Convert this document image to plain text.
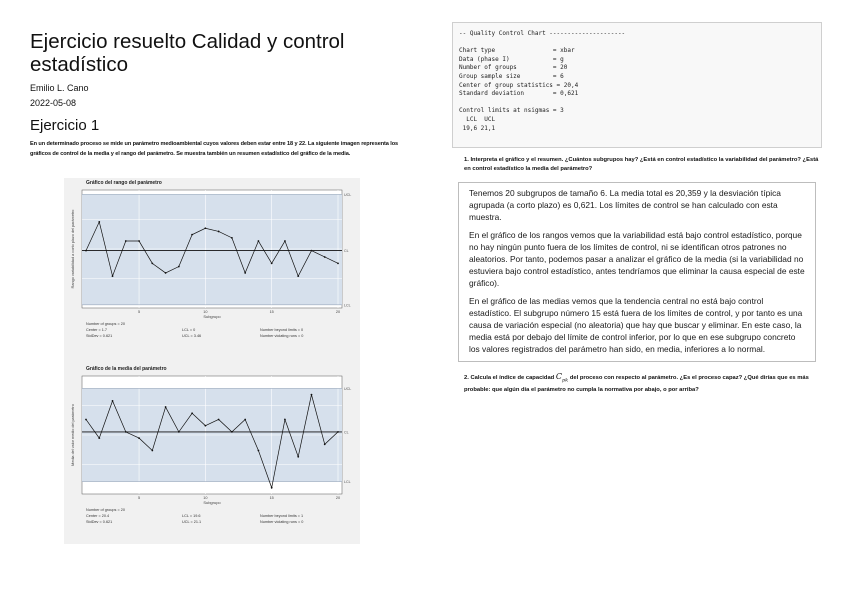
Ejercicio resuelto Calidad y control estadístico
Emilio L. Cano
2022-05-08
Ejercicio 1

En un determinado proceso se mide un parámetro medioambiental cuyos valores deben estar entre 18 y 22. La siguiente imagen representa los gráficos de control de la media y el rango del parámetro. Se muestra también un resumen estadístico del gráfico de la media.

Gráfico del rango del parámetro
UCL
CL
LCL
5	10	15	20
Subgrupo
Rango variabilidad a corto plazo del parámetro
Number of groups = 20
Center = 1.7
StdDev = 0.621
LCL = 0
UCL = 3.46
Number beyond limits = 0
Number violating runs = 0
Gráfico de la media del parámetro
UCL
CL
LCL
5	10	15	20
Subgrupo
Media del valor medio del parámetro
Number of groups = 20
Center = 20.4
StdDev = 0.621
LCL = 19.6
UCL = 21.1
Number beyond limits = 1
Number violating runs = 0
-- Quality Control Chart ---------------------

Chart type                = xbar
Data (phase I)            = g
Number of groups          = 20
Group sample size         = 6
Center of group statistics = 20,4
Standard deviation        = 0,621

Control limits at nsigmas = 3
LCL  UCL
19,6 21,1

1. Interpreta el gráfico y el resumen. ¿Cuántos subgrupos hay? ¿Está en control estadístico la variabilidad del parámetro? ¿Está en control estadístico la media del parámetro?

Tenemos 20 subgrupos de tamaño 6. La media total es 20,359 y la desviación típica agrupada (a corto plazo) es 0,621. Los límites de control se han calculado con esta muestra.

En el gráfico de los rangos vemos que la variabilidad está bajo control estadístico, porque no hay ningún punto fuera de los límites de control, ni se identifican otros patrones no aleatorios. Por tanto, podemos pasar a analizar el gráfico de la media (si la variabilidad no estuviera bajo control estadístico, antes tendríamos que eliminar la causa especial de este gráfico).

En el gráfico de las medias vemos que la tendencia central no está bajo control estadístico. El subgrupo número 15 está fuera de los límites de control, y por tanto es una causa de variación especial (no aleatoria) que hay que buscar y eliminar. En este caso, la media está por debajo del límite de control inferior, por lo que en ese subgrupo concreto los valores registrados del parámetro han sido, en media, inferiores a lo normal.

2. Calcula el índice de capacidad $C_{pk}$ del proceso con respecto al parámetro. ¿Es el proceso capaz? ¿Qué dirías que es más probable: que algún día el parámetro no cumpla la normativa por abajo, o por arriba?
